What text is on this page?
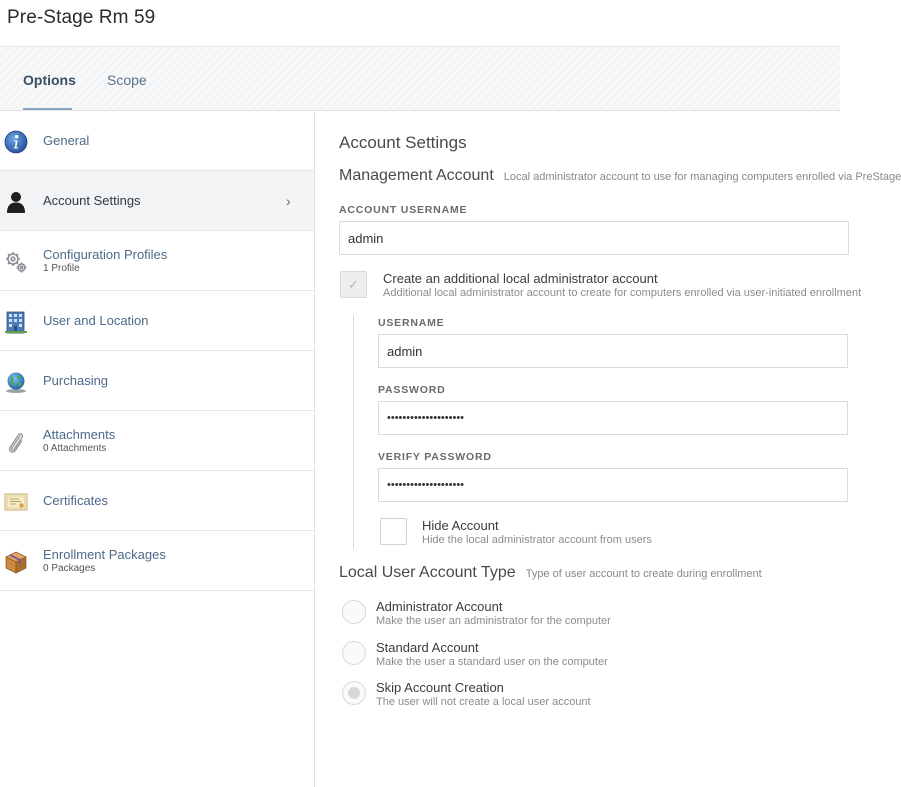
Pre-Stage Rm 59
Options Scope
General
Account Settings	›
Configuration Profiles
1 Profile
User and Location
Purchasing
Attachments
0 Attachments
Certificates
Enrollment Packages
0 Packages
Account Settings
Management Account Local administrator account to use for managing computers enrolled via PreStage
ACCOUNT USERNAME
admin
✓	Create an additional local administrator account
Additional local administrator account to create for computers enrolled via user-initiated enrollment
USERNAME
admin
PASSWORD
••••••••••••••••••••
VERIFY PASSWORD
••••••••••••••••••••
Hide Account
Hide the local administrator account from users
Local User Account Type Type of user account to create during enrollment
Administrator Account
Make the user an administrator for the computer
Standard Account
Make the user a standard user on the computer
Skip Account Creation
The user will not create a local user account
